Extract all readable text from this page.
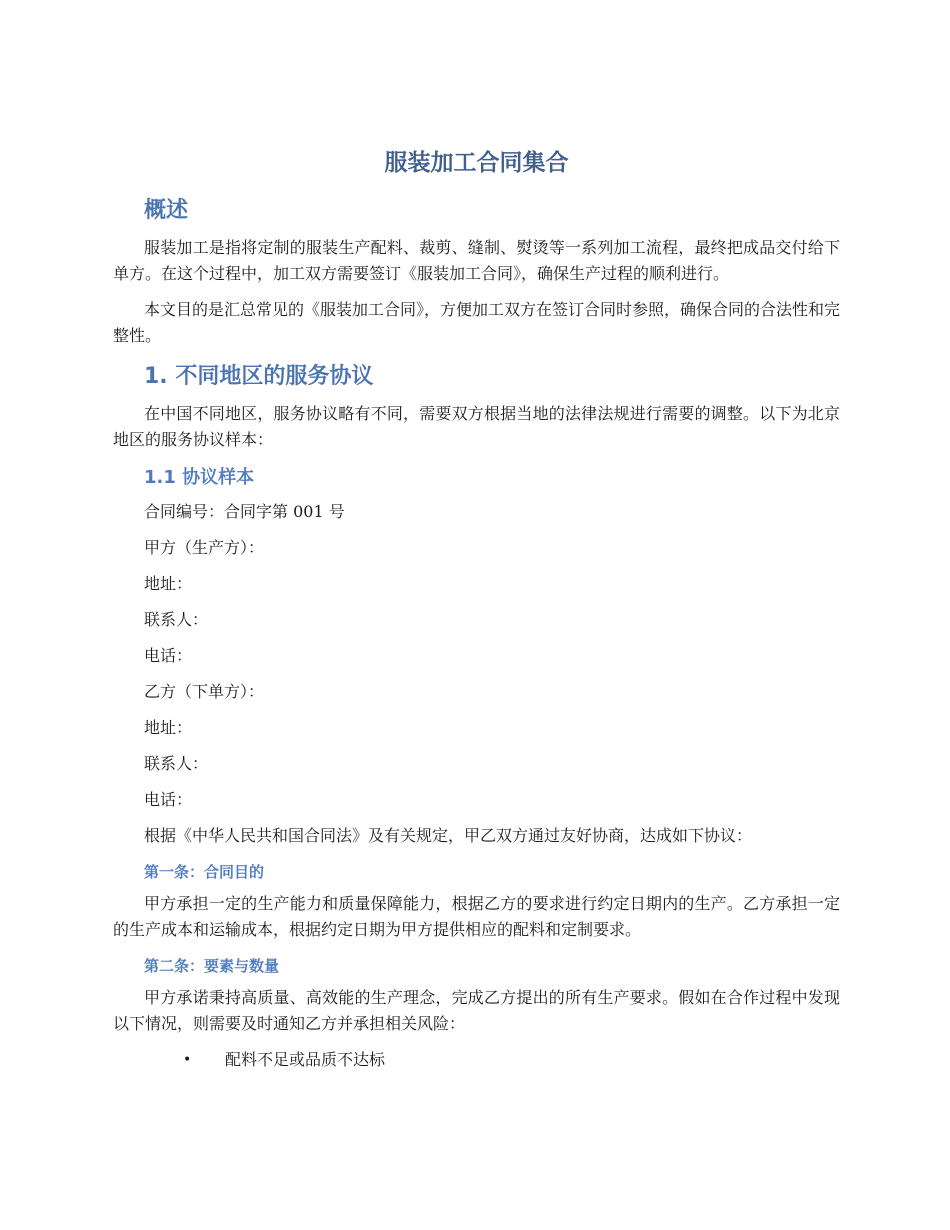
服装加工合同集合
概述

服装加工是指将定制的服装生产配料、裁剪、缝制、熨烫等一系列加工流程，最终把成品交付给下单方。在这个过程中，加工双方需要签订《服装加工合同》，确保生产过程的顺利进行。

本文目的是汇总常见的《服装加工合同》，方便加工双方在签订合同时参照，确保合同的合法性和完整性。

1. 不同地区的服务协议

在中国不同地区，服务协议略有不同，需要双方根据当地的法律法规进行需要的调整。以下为北京地区的服务协议样本：

1.1 协议样本
合同编号：合同字第 001 号
甲方（生产方）：
地址：
联系人：
电话：
乙方（下单方）：
地址：
联系人：
电话：

根据《中华人民共和国合同法》及有关规定，甲乙双方通过友好协商，达成如下协议：

第一条：合同目的

甲方承担一定的生产能力和质量保障能力，根据乙方的要求进行约定日期内的生产。乙方承担一定的生产成本和运输成本，根据约定日期为甲方提供相应的配料和定制要求。

第二条：要素与数量

甲方承诺秉持高质量、高效能的生产理念，完成乙方提出的所有生产要求。假如在合作过程中发现以下情况，则需要及时通知乙方并承担相关风险：

• 配料不足或品质不达标
